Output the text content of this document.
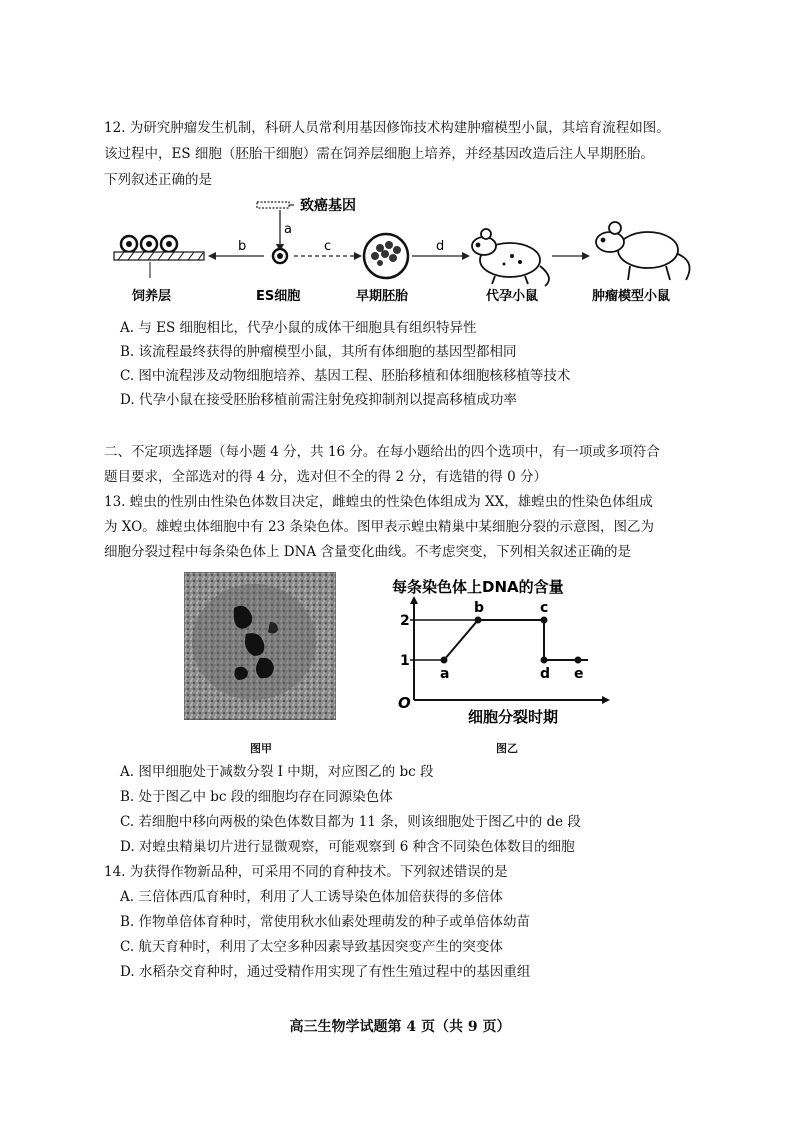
12. 为研究肿瘤发生机制，科研人员常利用基因修饰技术构建肿瘤模型小鼠，其培育流程如图。
该过程中，ES 细胞（胚胎干细胞）需在饲养层细胞上培养，并经基因改造后注人早期胚胎。
下列叙述正确的是
致癌基因
a
b	c	d
饲养层	ES细胞	早期胚胎	代孕小鼠	肿瘤模型小鼠
A. 与 ES 细胞相比，代孕小鼠的成体干细胞具有组织特异性
B. 该流程最终获得的肿瘤模型小鼠，其所有体细胞的基因型都相同
C. 图中流程涉及动物细胞培养、基因工程、胚胎移植和体细胞核移植等技术
D. 代孕小鼠在接受胚胎移植前需注射免疫抑制剂以提高移植成功率
二、不定项选择题（每小题 4 分，共 16 分。在每小题给出的四个选项中，有一项或多项符合
题目要求，全部选对的得 4 分，选对但不全的得 2 分，有选错的得 0 分）
13. 蝗虫的性别由性染色体数目决定，雌蝗虫的性染色体组成为 XX，雄蝗虫的性染色体组成
为 XO。雄蝗虫体细胞中有 23 条染色体。图甲表示蝗虫精巢中某细胞分裂的示意图，图乙为
细胞分裂过程中每条染色体上 DNA 含量变化曲线。不考虑突变，下列相关叙述正确的是
图甲
每条染色体上DNA的含量
细胞分裂时期
O
1
2
a
b	c
d e
图乙
A. 图甲细胞处于减数分裂 I 中期，对应图乙的 bc 段
B. 处于图乙中 bc 段的细胞均存在同源染色体
C. 若细胞中移向两极的染色体数目都为 11 条，则该细胞处于图乙中的 de 段
D. 对蝗虫精巢切片进行显微观察，可能观察到 6 种含不同染色体数目的细胞
14. 为获得作物新品种，可采用不同的育种技术。下列叙述错误的是
A. 三倍体西瓜育种时，利用了人工诱导染色体加倍获得的多倍体
B. 作物单倍体育种时，常使用秋水仙素处理萌发的种子或单倍体幼苗
C. 航天育种时，利用了太空多种因素导致基因突变产生的突变体
D. 水稻杂交育种时，通过受精作用实现了有性生殖过程中的基因重组
高三生物学试题第 4 页（共 9 页）
